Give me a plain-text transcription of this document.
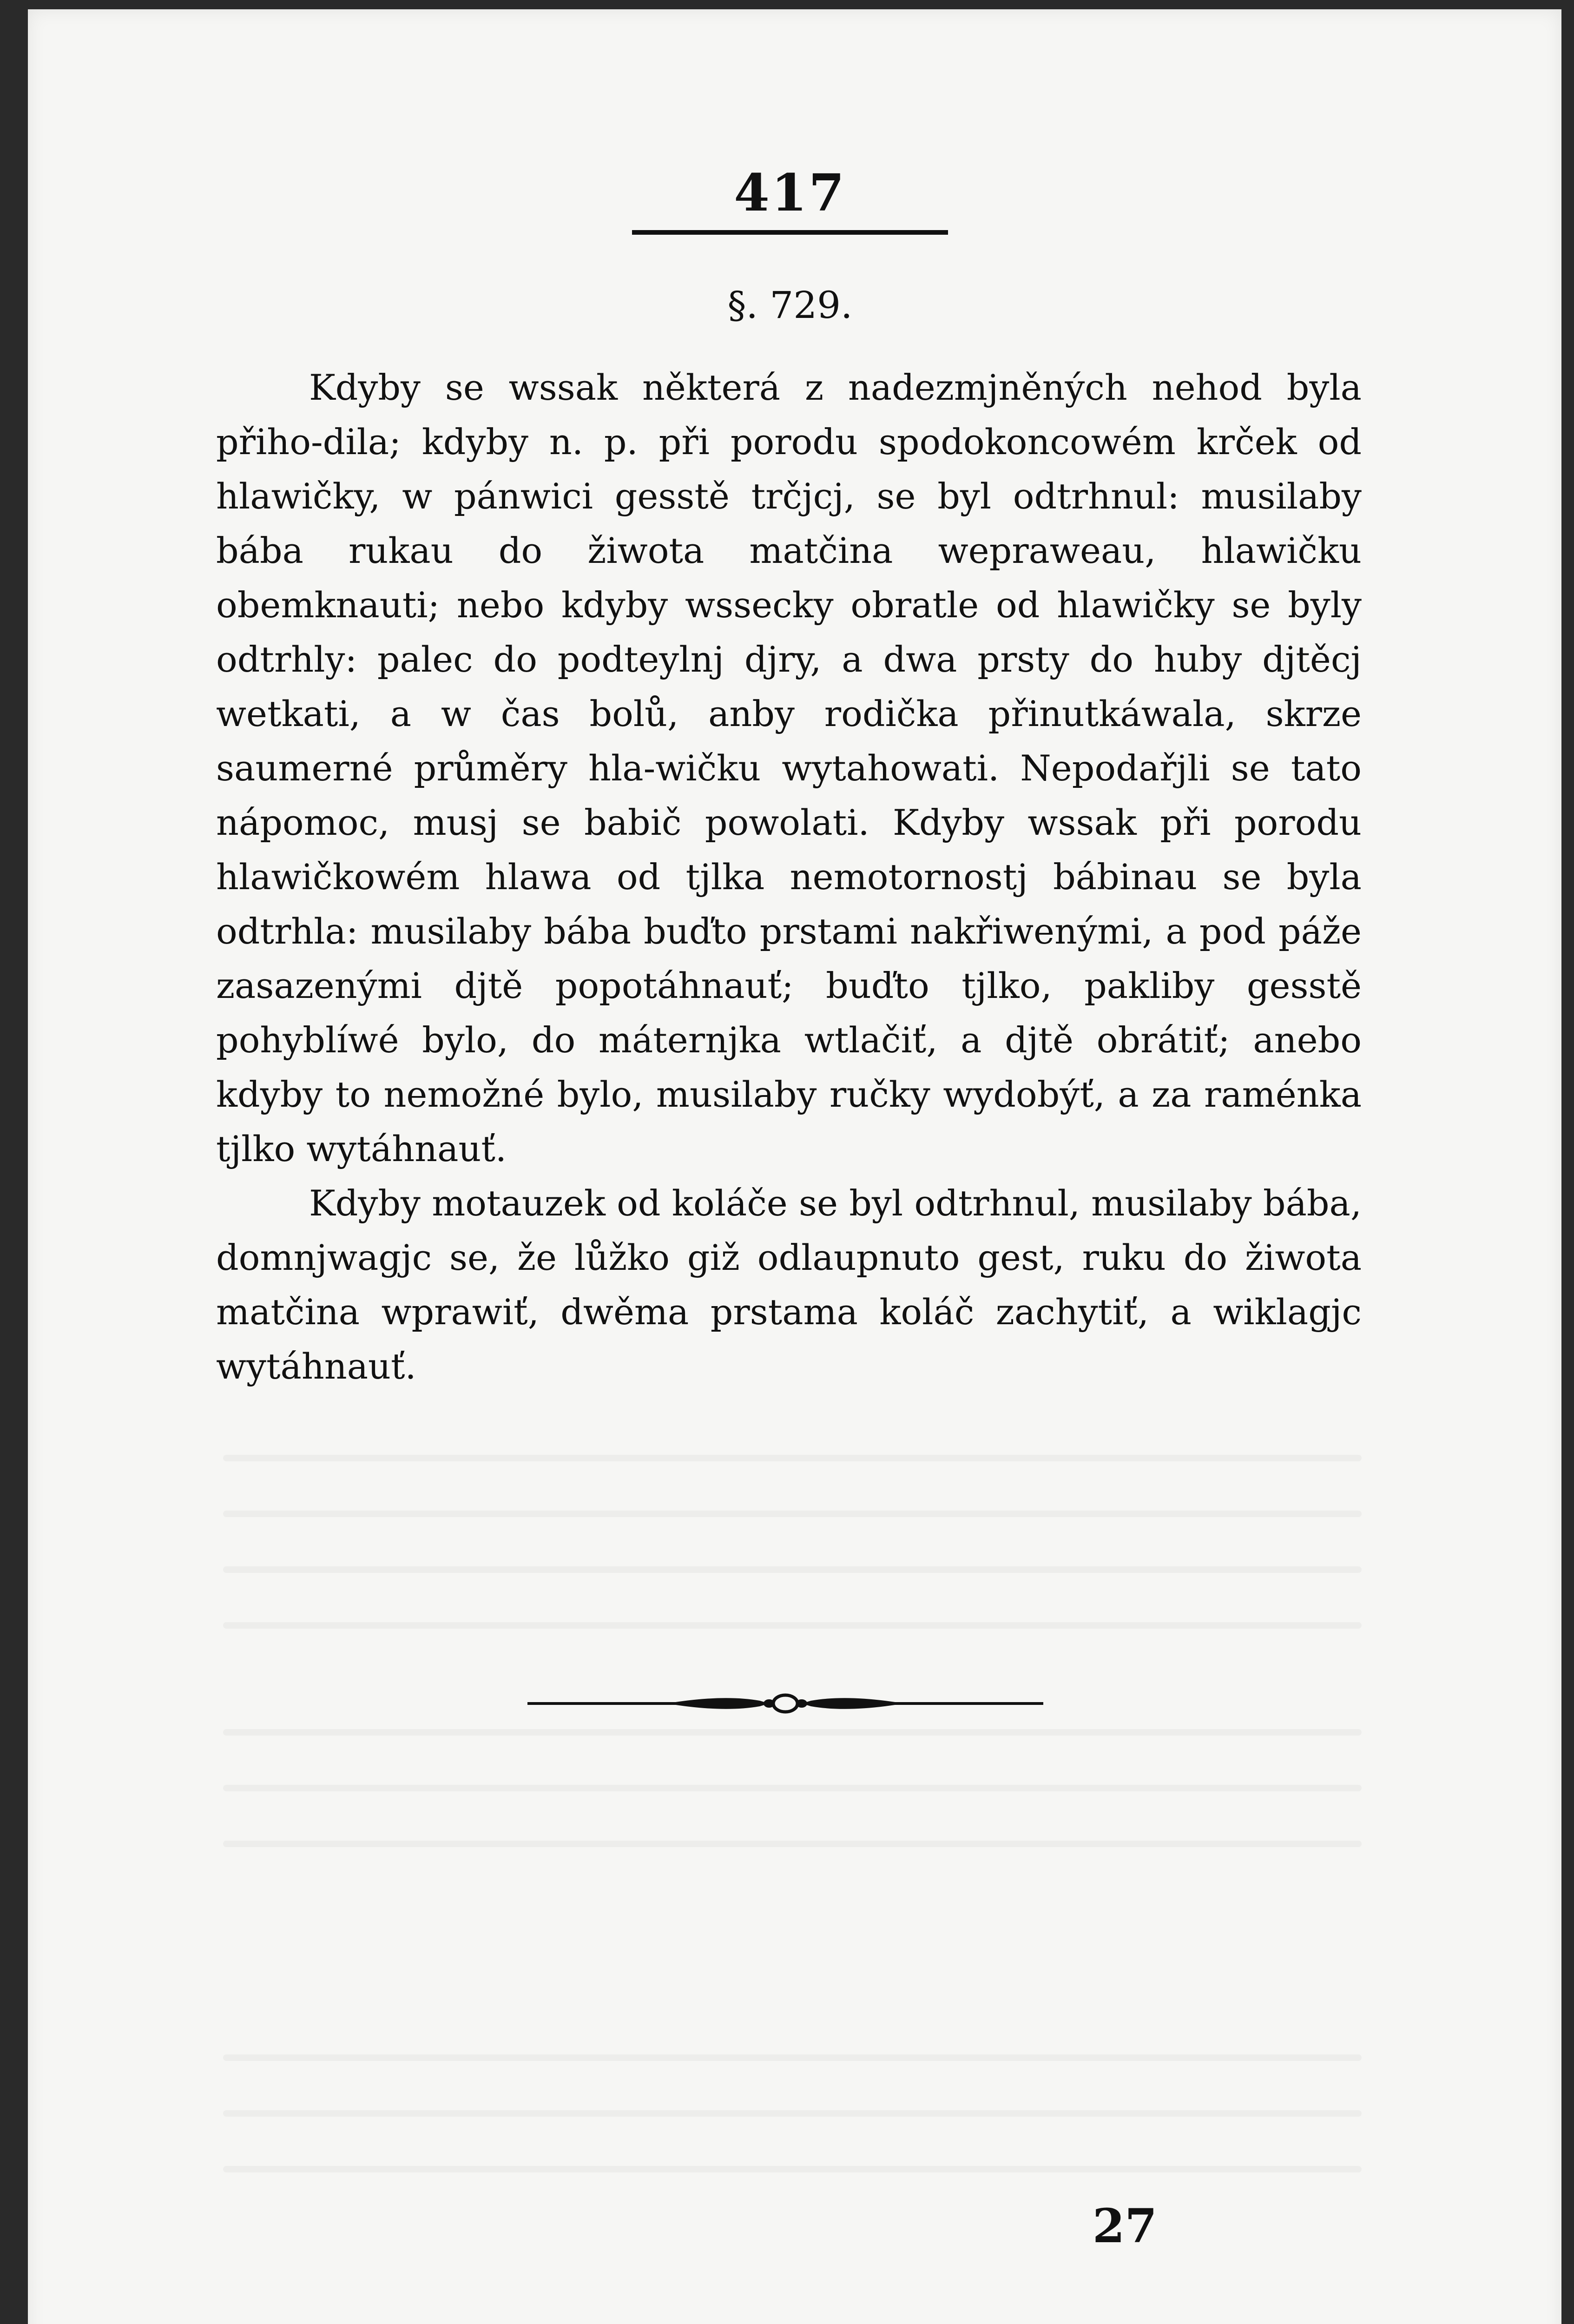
417
§. 729.

Kdyby se wssak některá z nadezmjněných nehod byla přiho-dila; kdyby n. p. při porodu spodokoncowém krček od hlawičky, w pánwici gesstě trčjcj, se byl odtrhnul: musilaby bába rukau do žiwota matčina wepraweau, hlawičku obemknauti; nebo kdyby wssecky obratle od hlawičky se byly odtrhly: palec do podteylnj djry, a dwa prsty do huby djtěcj wetkati, a w čas bolů, anby rodička přinutkáwala, skrze saumerné průměry hla-wičku wytahowati. Nepodařjli se tato nápomoc, musj se babič powolati. Kdyby wssak při porodu hlawičkowém hlawa od tjlka nemotornostj bábinau se byla odtrhla: musilaby bába buďto prstami nakřiwenými, a pod páže zasazenými djtě popotáhnauť; buďto tjlko, pakliby gesstě pohyblíwé bylo, do máternjka wtlačiť, a djtě obrátiť; anebo kdyby to nemožné bylo, musilaby ručky wydobýť, a za raménka tjlko wytáhnauť.

Kdyby motauzek od koláče se byl odtrhnul, musilaby bába, domnjwagjc se, že lůžko giž odlaupnuto gest, ruku do žiwota matčina wprawiť, dwěma prstama koláč zachytiť, a wiklagjc wytáhnauť.

27
